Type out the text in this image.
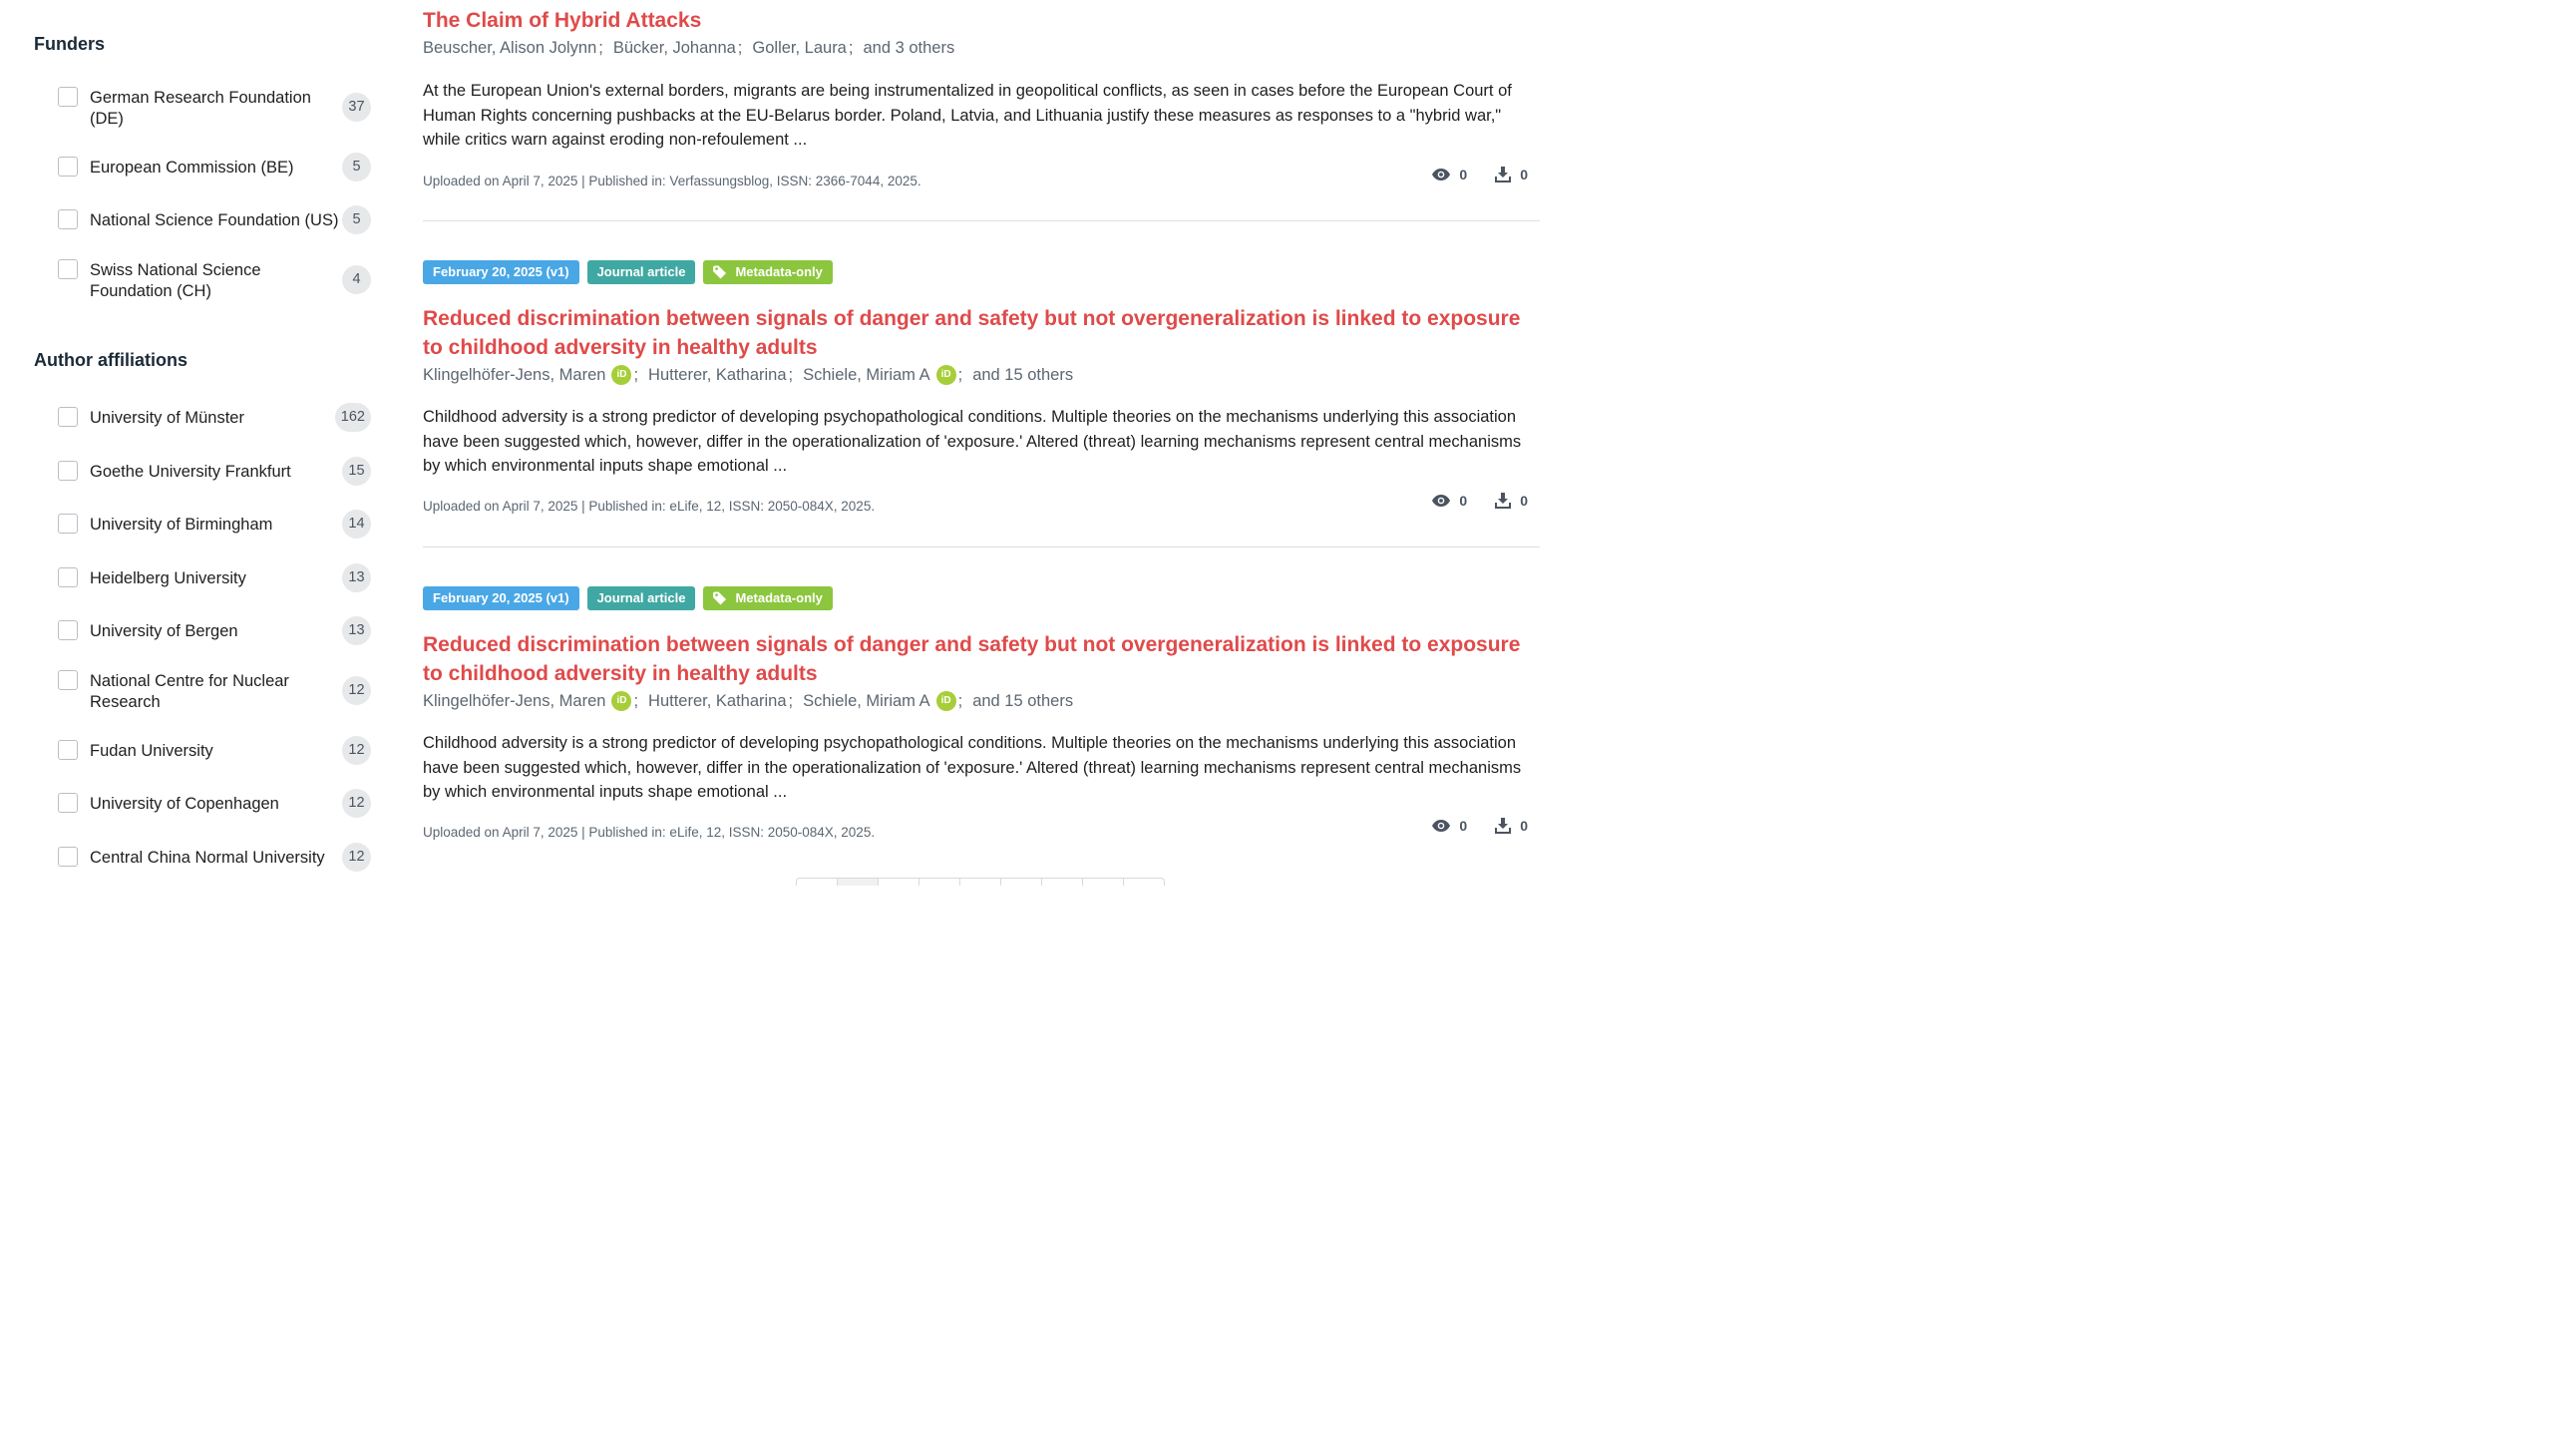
Funders
German Research Foundation (DE)
37
European Commission (BE)	5
National Science Foundation (US) 5
Swiss National Science Foundation (CH)
4
Author affiliations
University of Münster	162
Goethe University Frankfurt	15
University of Birmingham	14
Heidelberg University	13
University of Bergen	13
National Centre for Nuclear Research
12
Fudan University	12
University of Copenhagen	12
Central China Normal University	12
The Claim of Hybrid Attacks
Beuscher, Alison Jolynn ; Bücker, Johanna ; Goller, Laura ; and 3 others

At the European Union's external borders, migrants are being instrumentalized in geopolitical conflicts, as seen in cases before the European Court of Human Rights concerning pushbacks at the EU-Belarus border. Poland, Latvia, and Lithuania justify these measures as responses to a "hybrid war," while critics warn against eroding non-refoulement ...

Uploaded on April 7, 2025 | Published in: Verfassungsblog, ISSN: 2366-7044, 2025.	0	0
February 20, 2025 (v1)	Journal article	Metadata-only
Reduced discrimination between signals of danger and safety but not overgeneralization is linked to exposure to childhood adversity in healthy adults
Klingelhöfer-Jens, Maren	iD ; Hutterer, Katharina ; Schiele, Miriam A	iD ; and 15 others

Childhood adversity is a strong predictor of developing psychopathological conditions. Multiple theories on the mechanisms underlying this association have been suggested which, however, differ in the operationalization of 'exposure.' Altered (threat) learning mechanisms represent central mechanisms by which environmental inputs shape emotional ...

Uploaded on April 7, 2025 | Published in: eLife, 12, ISSN: 2050-084X, 2025.	0	0
February 20, 2025 (v1)	Journal article	Metadata-only
Reduced discrimination between signals of danger and safety but not overgeneralization is linked to exposure to childhood adversity in healthy adults
Klingelhöfer-Jens, Maren	iD ; Hutterer, Katharina ; Schiele, Miriam A	iD ; and 15 others

Childhood adversity is a strong predictor of developing psychopathological conditions. Multiple theories on the mechanisms underlying this association have been suggested which, however, differ in the operationalization of 'exposure.' Altered (threat) learning mechanisms represent central mechanisms by which environmental inputs shape emotional ...

Uploaded on April 7, 2025 | Published in: eLife, 12, ISSN: 2050-084X, 2025.	0	0
